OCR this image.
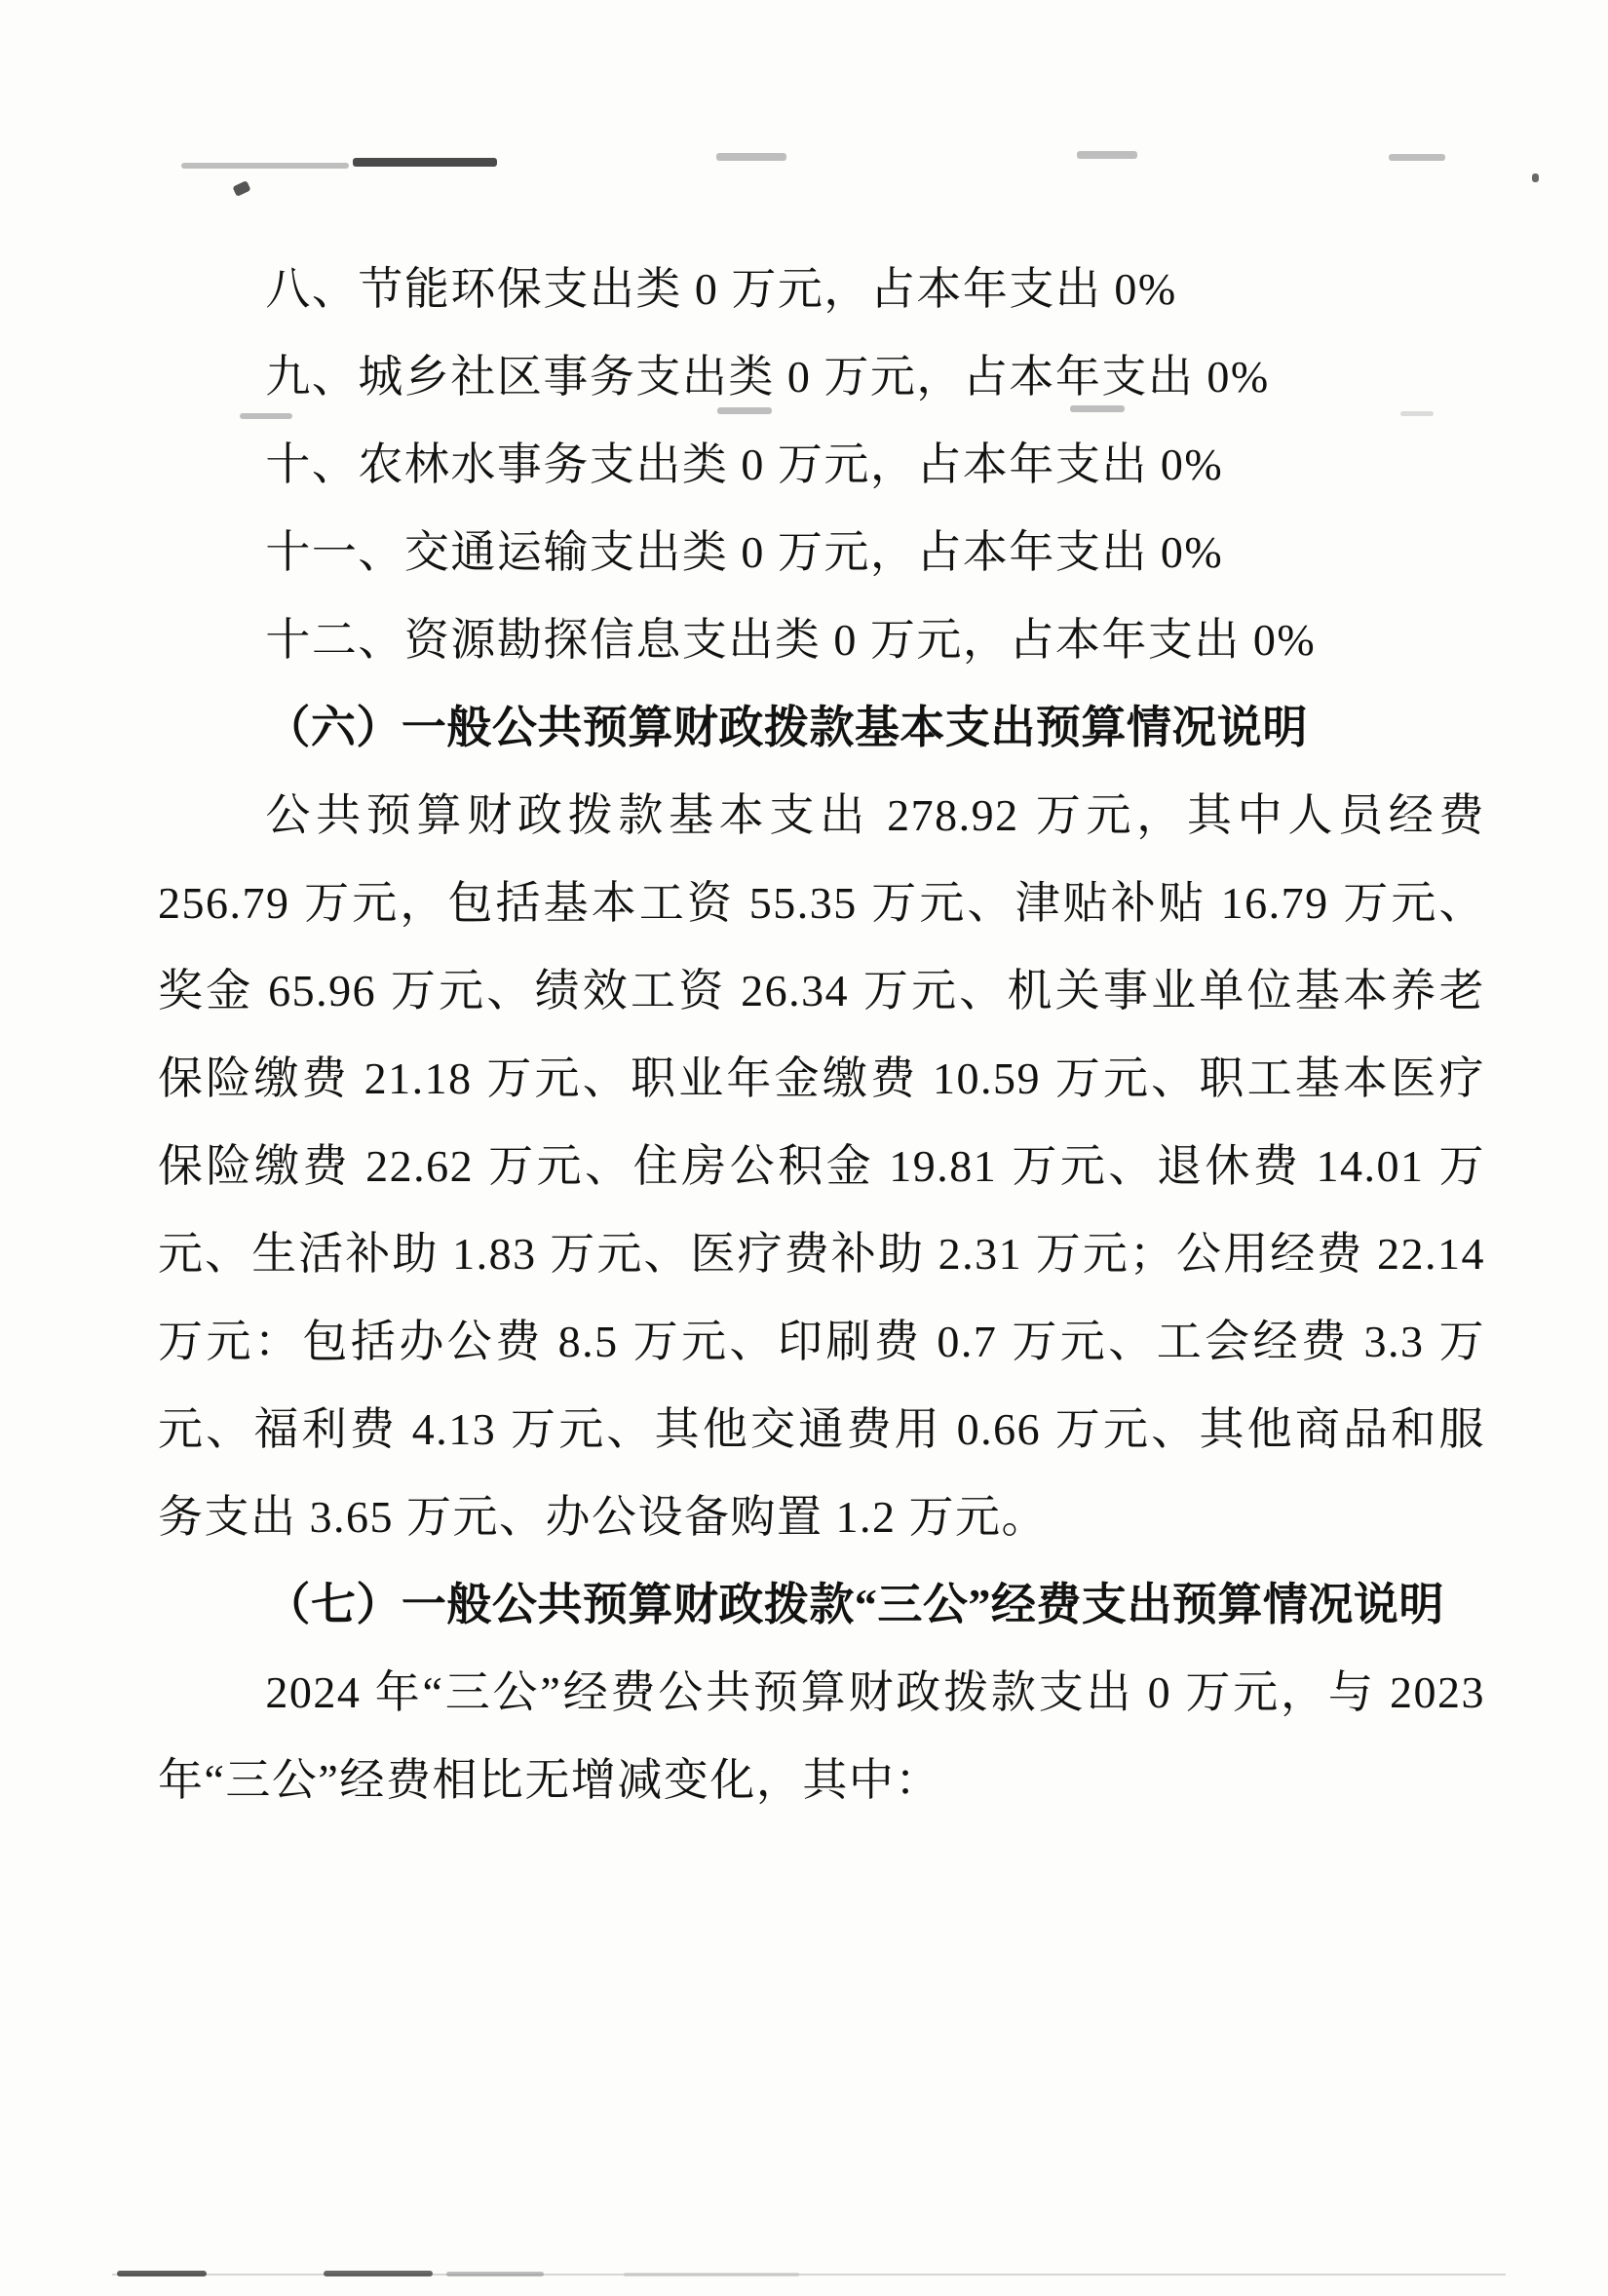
八、节能环保支出类 0 万元，占本年支出 0%

九、城乡社区事务支出类 0 万元，占本年支出 0%

十、农林水事务支出类 0 万元，占本年支出 0%

十一、交通运输支出类 0 万元，占本年支出 0%

十二、资源勘探信息支出类 0 万元，占本年支出 0%

（六）一般公共预算财政拨款基本支出预算情况说明

公共预算财政拨款基本支出 278.92 万元，其中人员经费 256.79 万元，包括基本工资 55.35 万元、津贴补贴 16.79 万元、奖金 65.96 万元、绩效工资 26.34 万元、机关事业单位基本养老保险缴费 21.18 万元、职业年金缴费 10.59 万元、职工基本医疗保险缴费 22.62 万元、住房公积金 19.81 万元、退休费 14.01 万元、生活补助 1.83 万元、医疗费补助 2.31 万元；公用经费 22.14 万元：包括办公费 8.5 万元、印刷费 0.7 万元、工会经费 3.3 万元、福利费 4.13 万元、其他交通费用 0.66 万元、其他商品和服务支出 3.65 万元、办公设备购置 1.2 万元。

（七）一般公共预算财政拨款“三公”经费支出预算情况说明

2024 年“三公”经费公共预算财政拨款支出 0 万元，与 2023 年“三公”经费相比无增减变化，其中：
